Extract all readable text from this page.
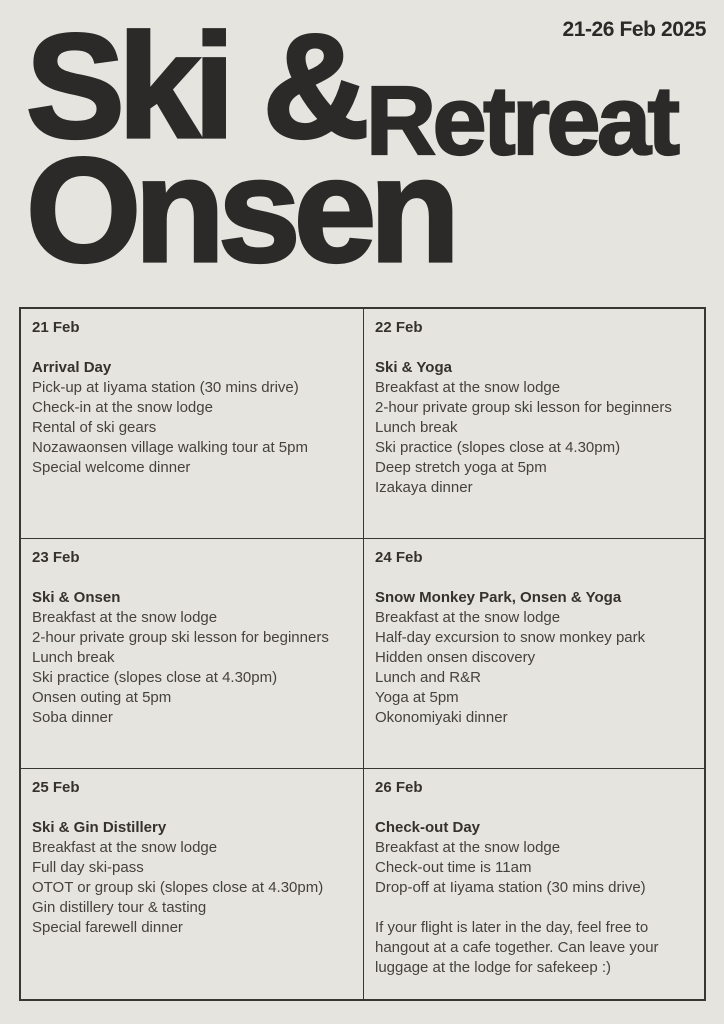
21-26 Feb 2025
Ski & Retreat
Onsen
21 Feb
Arrival Day
Pick-up at Iiyama station (30 mins drive)
Check-in at the snow lodge
Rental of ski gears
Nozawaonsen village walking tour at 5pm
Special welcome dinner
22 Feb
Ski & Yoga
Breakfast at the snow lodge
2-hour private group ski lesson for beginners
Lunch break
Ski practice (slopes close at 4.30pm)
Deep stretch yoga at 5pm
Izakaya dinner
23 Feb
Ski & Onsen
Breakfast at the snow lodge
2-hour private group ski lesson for beginners
Lunch break
Ski practice (slopes close at 4.30pm)
Onsen outing at 5pm
Soba dinner
24 Feb
Snow Monkey Park, Onsen & Yoga
Breakfast at the snow lodge
Half-day excursion to snow monkey park
Hidden onsen discovery
Lunch and R&R
Yoga at 5pm
Okonomiyaki dinner
25 Feb
Ski & Gin Distillery
Breakfast at the snow lodge
Full day ski-pass
OTOT or group ski (slopes close at 4.30pm)
Gin distillery tour & tasting
Special farewell dinner
26 Feb
Check-out Day
Breakfast at the snow lodge
Check-out time is 11am
Drop-off at Iiyama station (30 mins drive)
If your flight is later in the day, feel free to hangout at a cafe together. Can leave your luggage at the lodge for safekeep :)
